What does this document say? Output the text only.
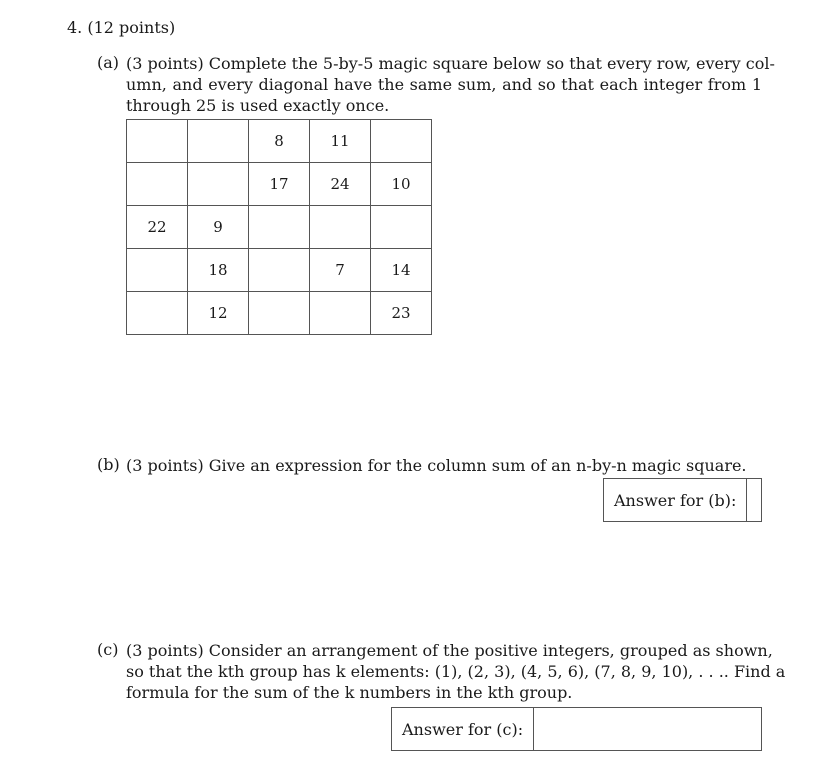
4. (12 points)
(a) (3 points) Complete the 5-by-5 magic square below so that every row, every col-
umn, and every diagonal have the same sum, and so that each integer from 1
through 25 is used exactly once.
		8	11	
		17	24	10
22	9			
	18		7	14
	12			23
(b) (3 points) Give an expression for the column sum of an n-by-n magic square.
Answer for (b):
(c) (3 points) Consider an arrangement of the positive integers, grouped as shown,
so that the kth group has k elements: (1), (2, 3), (4, 5, 6), (7, 8, 9, 10), . . .. Find a
formula for the sum of the k numbers in the kth group.
Answer for (c):
